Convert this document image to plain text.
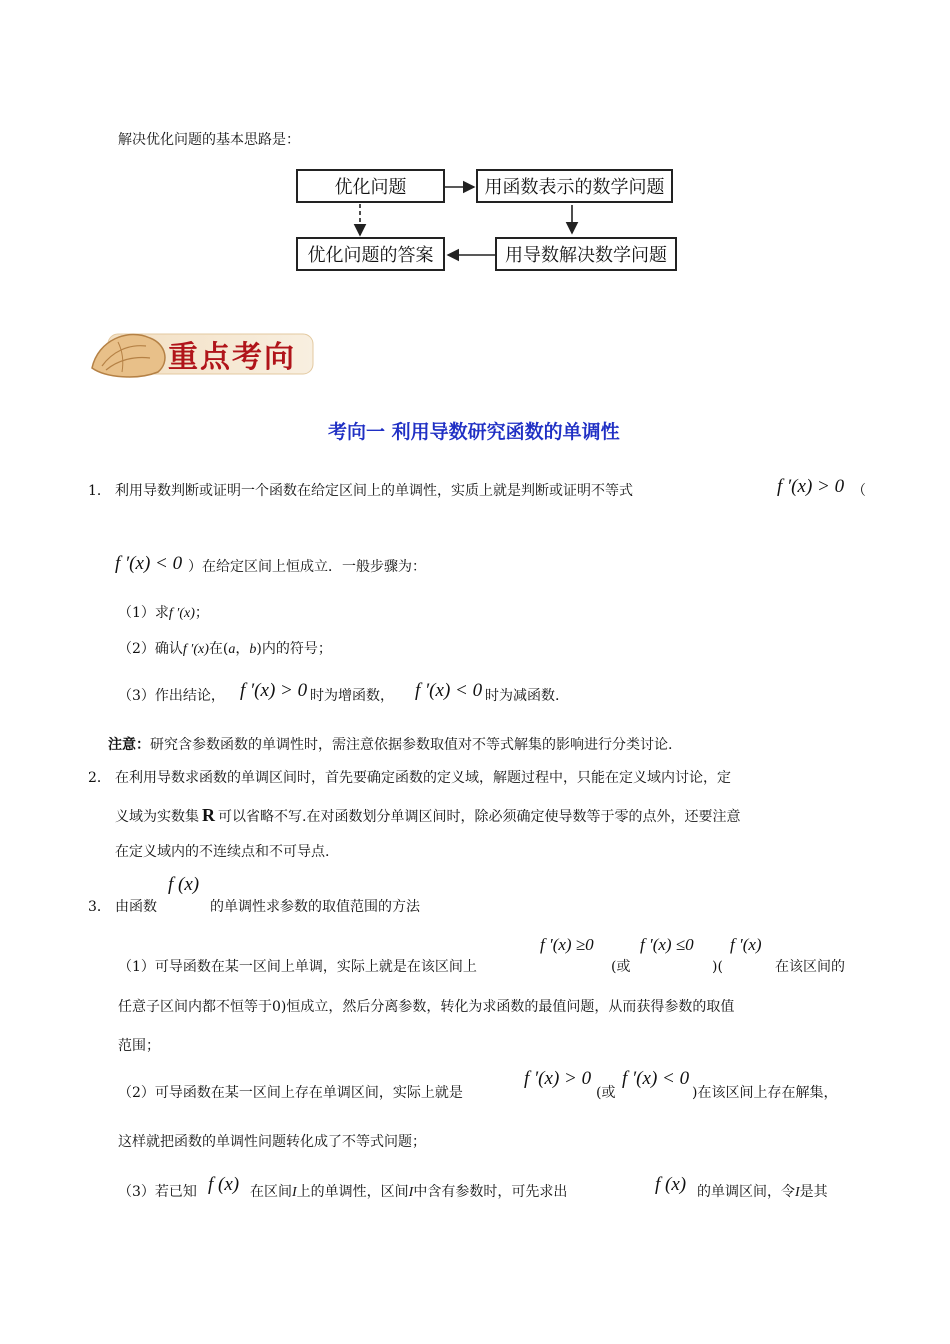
解决优化问题的基本思路是：
优化问题	用函数表示的数学问题
用导数解决数学问题
优化问题的答案
重点考向
考向一 利用导数研究函数的单调性
1． 利用导数判断或证明一个函数在给定区间上的单调性，实质上就是判断或证明不等式	f ′(x) > 0 （
f ′(x) < 0 ）在给定区间上恒成立．一般步骤为：
（1）求f ′(x)；
（2）确认f ′(x)在(a，b)内的符号；
（3）作出结论， f ′(x) > 0 时为增函数， f ′(x) < 0 时为减函数.
注意：研究含参数函数的单调性时，需注意依据参数取值对不等式解集的影响进行分类讨论.
2． 在利用导数求函数的单调区间时，首先要确定函数的定义域，解题过程中，只能在定义域内讨论，定
义域为实数集 R 可以省略不写.在对函数划分单调区间时，除必须确定使导数等于零的点外，还要注意
在定义域内的不连续点和不可导点.
3． 由函数
f (x)
的单调性求参数的取值范围的方法
（1）可导函数在某一区间上单调，实际上就是在该区间上
f ′(x) ≥0
(或
f ′(x) ≤0
)(
f ′(x)
在该区间的
任意子区间内都不恒等于0)恒成立，然后分离参数，转化为求函数的最值问题，从而获得参数的取值
范围；
（2）可导函数在某一区间上存在单调区间，实际上就是
f ′(x) > 0
(或
f ′(x) < 0
)在该区间上存在解集，
这样就把函数的单调性问题转化成了不等式问题；
（3）若已知 f (x) 在区间I上的单调性，区间I中含有参数时，可先求出	f (x) 的单调区间，令I是其
